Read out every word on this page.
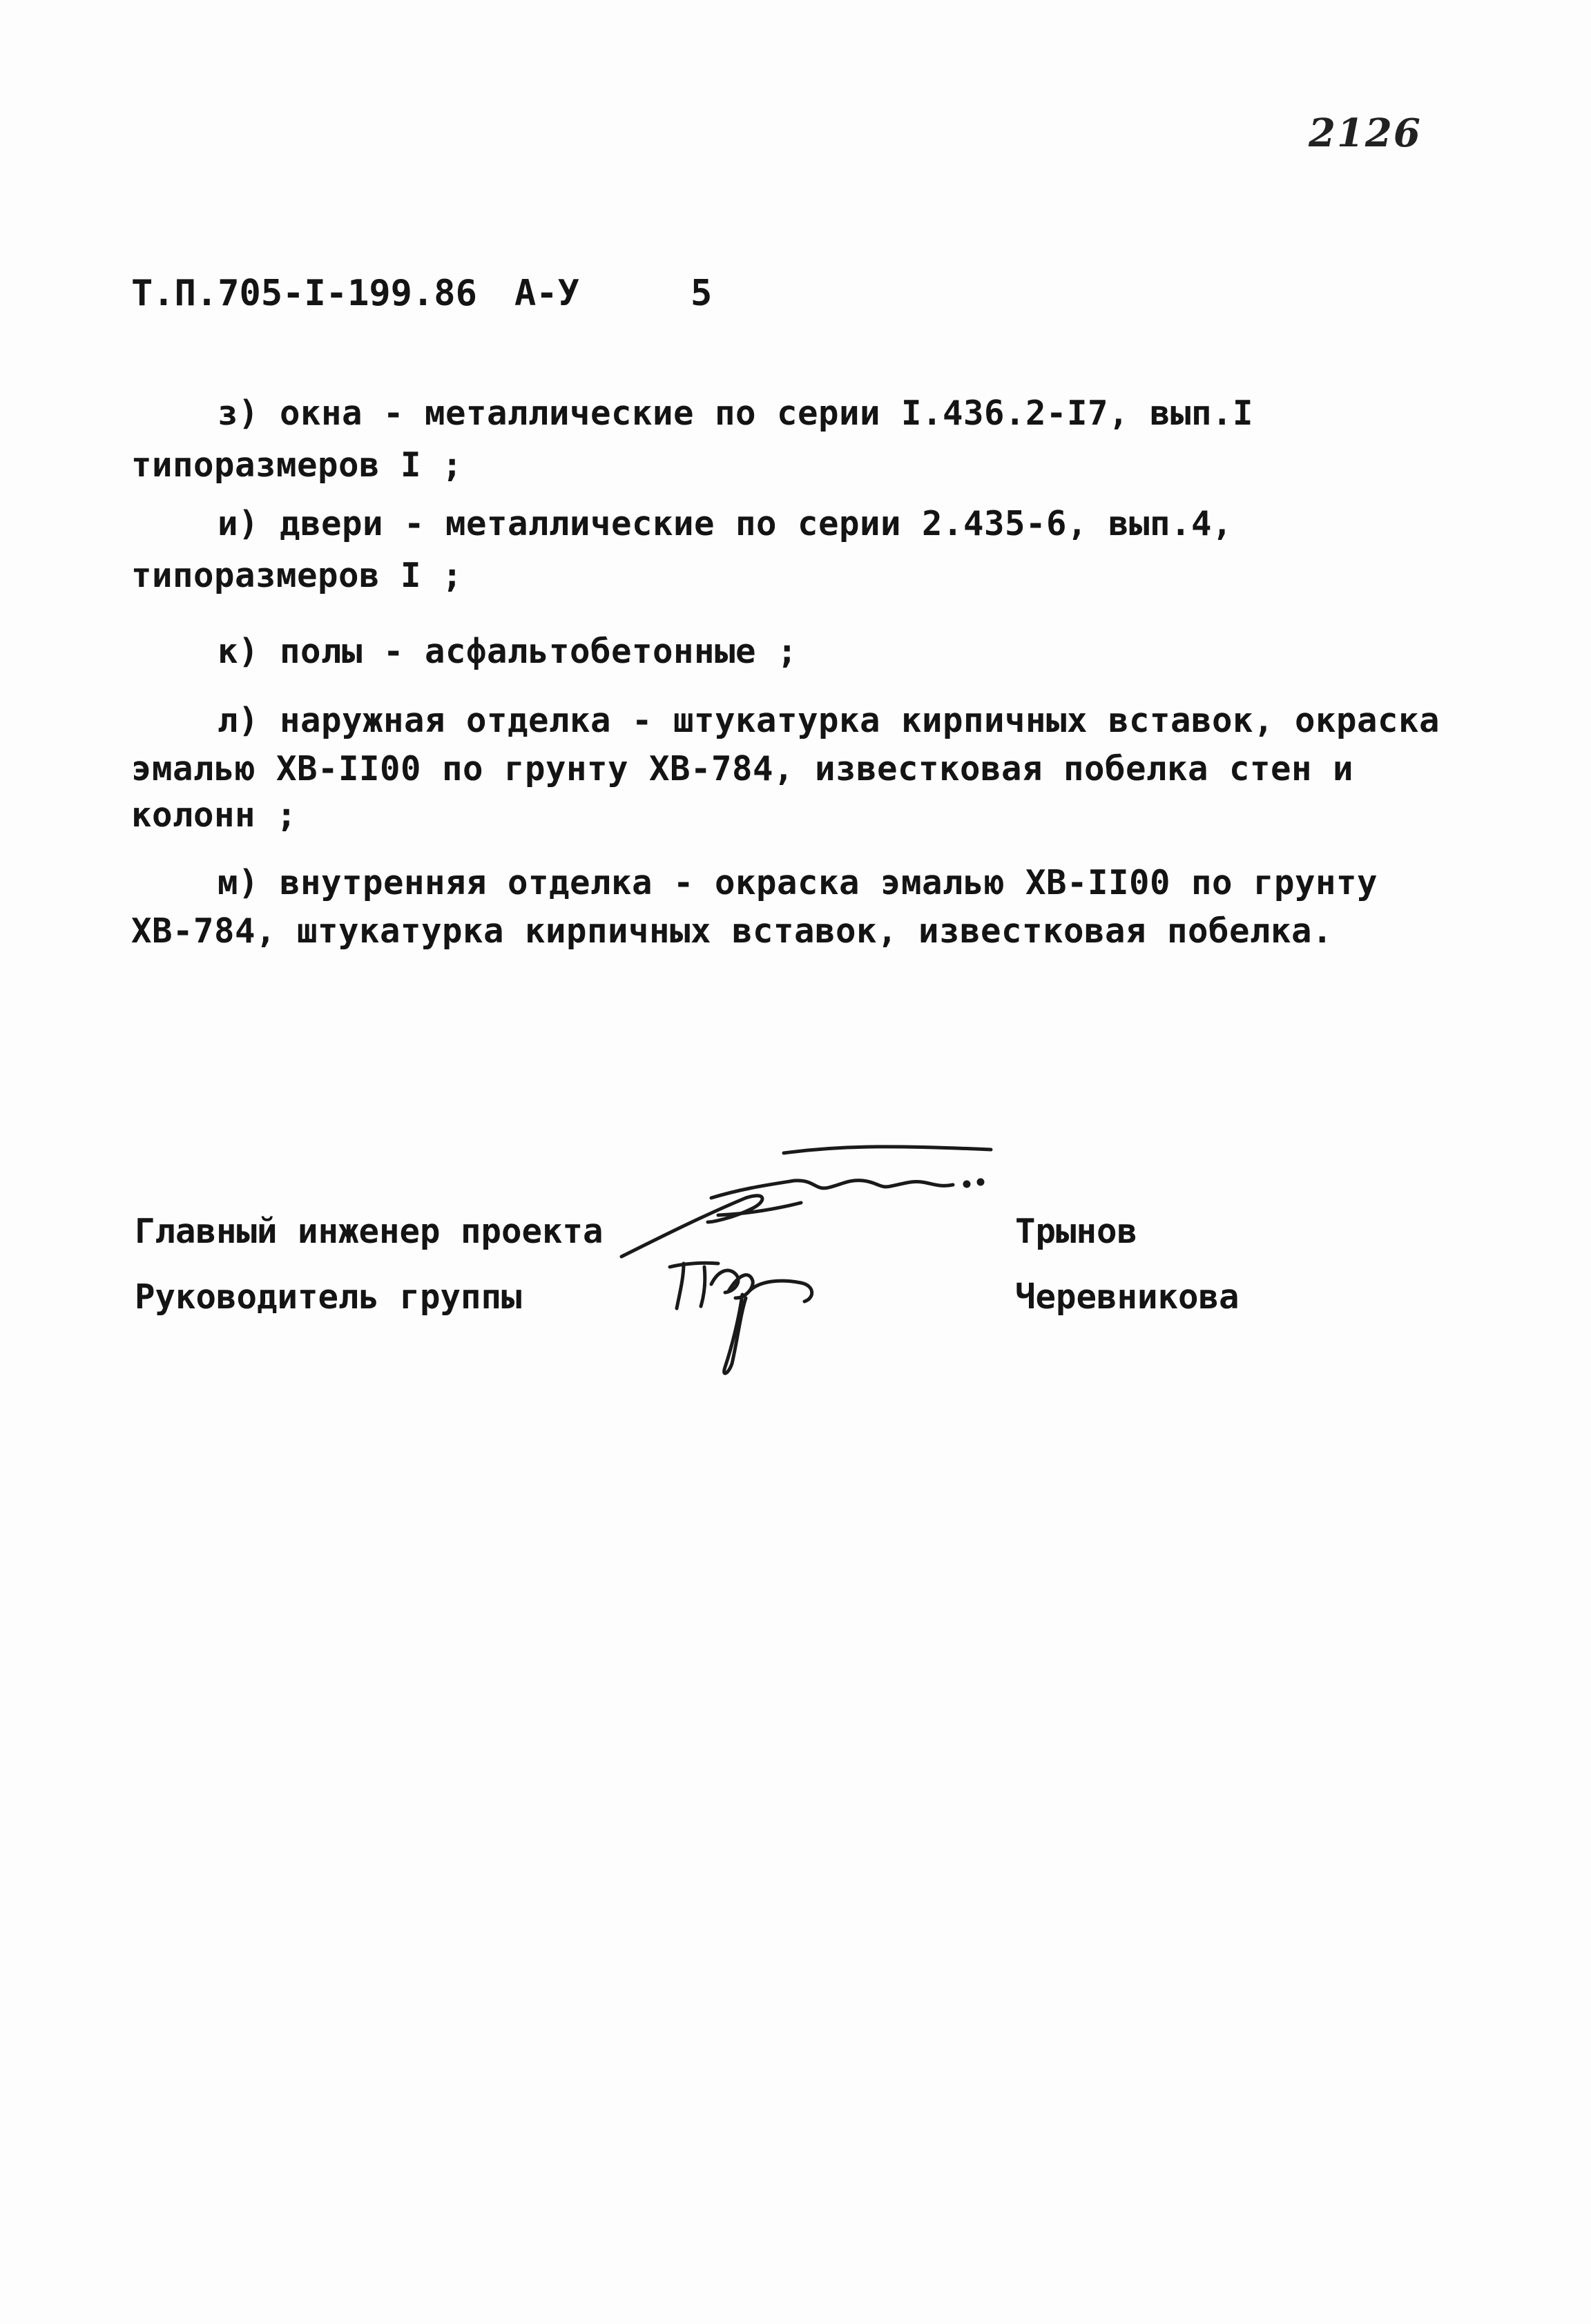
2126
Т.П.705-I-199.86 А-У	5
з) окна - металлические по серии I.436.2-I7, вып.I
типоразмеров I ;
и) двери - металлические по серии 2.435-6, вып.4,
типоразмеров I ;
к) полы - асфальтобетонные ;
л) наружная отделка - штукатурка кирпичных вставок, окраска
эмалью ХВ-II00 по грунту ХВ-784, известковая побелка стен и
колонн ;
м) внутренняя отделка - окраска эмалью ХВ-II00 по грунту
ХВ-784, штукатурка кирпичных вставок, известковая побелка.
Главный инженер проекта	Трынов
Руководитель группы	Черевникова
